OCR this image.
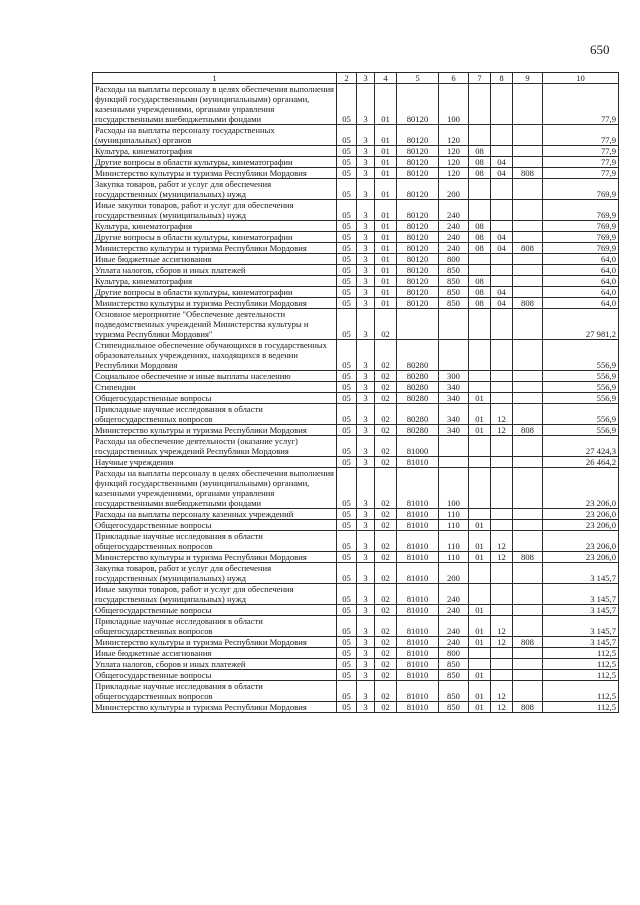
650
1	2	3	4	5	6	7	8	9	10
Расходы на выплаты персоналу в целях обеспечения выполнения функций государственными (муниципальными) органами, казенными учреждениями, органами управления государственными внебюджетными фондами	05	3	01	80120	100				77,9
Расходы на выплаты персоналу государственных (муниципальных) органов	05	3	01	80120	120				77,9
Культура, кинематография	05	3	01	80120	120	08			77,9
Другие вопросы в области культуры, кинематографии	05	3	01	80120	120	08	04		77,9
Министерство культуры и туризма Республики Мордовия	05	3	01	80120	120	08	04	808	77,9
Закупка товаров, работ и услуг для обеспечения государственных (муниципальных) нужд	05	3	01	80120	200				769,9
Иные закупки товаров, работ и услуг для обеспечения государственных (муниципальных) нужд	05	3	01	80120	240				769,9
Культура, кинематография	05	3	01	80120	240	08			769,9
Другие вопросы в области культуры, кинематографии	05	3	01	80120	240	08	04		769,9
Министерство культуры и туризма Республики Мордовия	05	3	01	80120	240	08	04	808	769,9
Иные бюджетные ассигнования	05	3	01	80120	800				64,0
Уплата налогов, сборов и иных платежей	05	3	01	80120	850				64,0
Культура, кинематография	05	3	01	80120	850	08			64,0
Другие вопросы в области культуры, кинематографии	05	3	01	80120	850	08	04		64,0
Министерство культуры и туризма Республики Мордовия	05	3	01	80120	850	08	04	808	64,0
Основное мероприятие "Обеспечение деятельности подведомственных учреждений Министерства культуры и туризма Республики Мордовия"	05	3	02						27 981,2
Стипендиальное обеспечение обучающихся в государственных образовательных учреждениях, находящихся в ведении Республики Мордовия	05	3	02	80280					556,9
Социальное обеспечение и иные выплаты населению	05	3	02	80280	300				556,9
Стипендии	05	3	02	80280	340				556,9
Общегосударственные вопросы	05	3	02	80280	340	01			556,9
Прикладные научные исследования в области общегосударственных вопросов	05	3	02	80280	340	01	12		556,9
Министерство культуры и туризма Республики Мордовия	05	3	02	80280	340	01	12	808	556,9
Расходы на обеспечение деятельности (оказание услуг) государственных учреждений Республики Мордовия	05	3	02	81000					27 424,3
Научные учреждения	05	3	02	81010					26 464,2
Расходы на выплаты персоналу в целях обеспечения выполнения функций государственными (муниципальными) органами, казенными учреждениями, органами управления государственными внебюджетными фондами	05	3	02	81010	100				23 206,0
Расходы на выплаты персоналу казенных учреждений	05	3	02	81010	110				23 206,0
Общегосударственные вопросы	05	3	02	81010	110	01			23 206,0
Прикладные научные исследования в области общегосударственных вопросов	05	3	02	81010	110	01	12		23 206,0
Министерство культуры и туризма Республики Мордовия	05	3	02	81010	110	01	12	808	23 206,0
Закупка товаров, работ и услуг для обеспечения государственных (муниципальных) нужд	05	3	02	81010	200				3 145,7
Иные закупки товаров, работ и услуг для обеспечения государственных (муниципальных) нужд	05	3	02	81010	240				3 145,7
Общегосударственные вопросы	05	3	02	81010	240	01			3 145,7
Прикладные научные исследования в области общегосударственных вопросов	05	3	02	81010	240	01	12		3 145,7
Министерство культуры и туризма Республики Мордовия	05	3	02	81010	240	01	12	808	3 145,7
Иные бюджетные ассигнования	05	3	02	81010	800				112,5
Уплата налогов, сборов и иных платежей	05	3	02	81010	850				112,5
Общегосударственные вопросы	05	3	02	81010	850	01			112,5
Прикладные научные исследования в области общегосударственных вопросов	05	3	02	81010	850	01	12		112,5
Министерство культуры и туризма Республики Мордовия	05	3	02	81010	850	01	12	808	112,5
